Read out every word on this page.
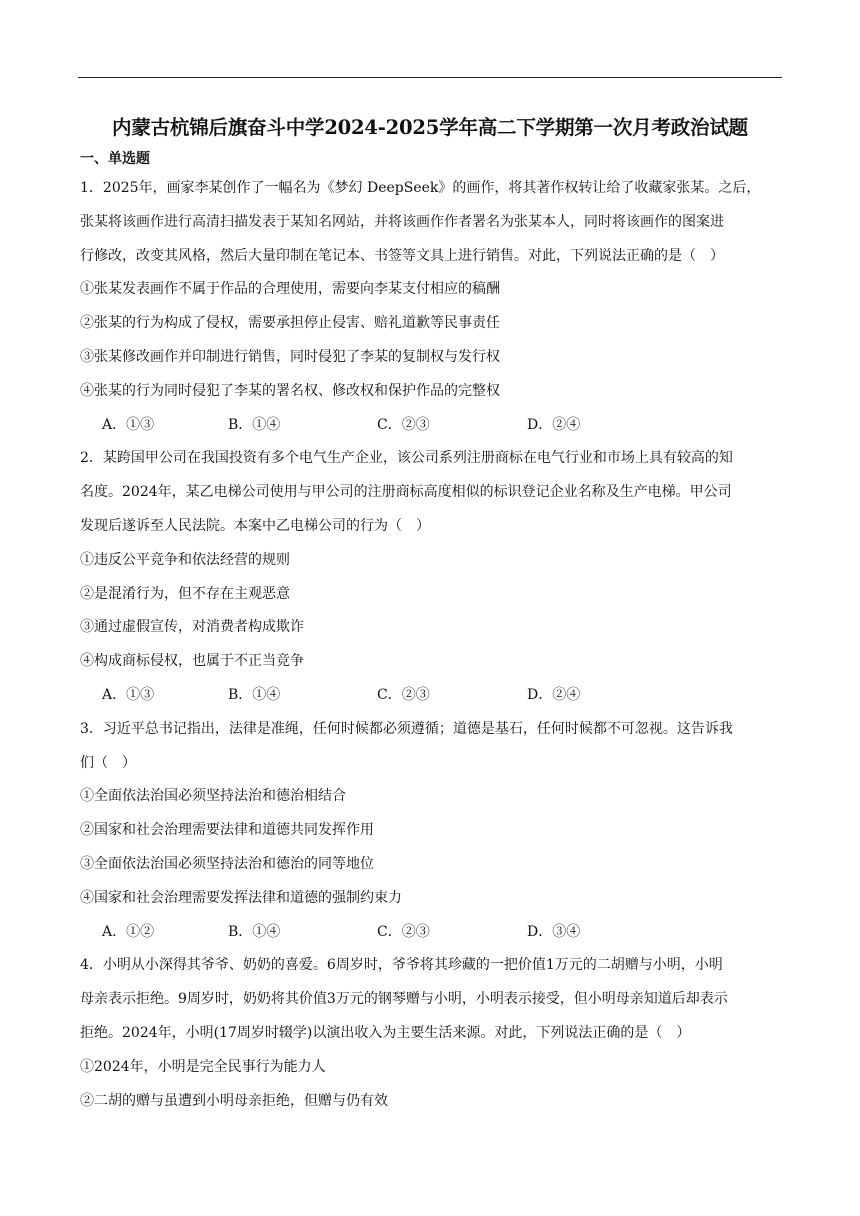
内蒙古杭锦后旗奋斗中学2024-2025学年高二下学期第一次月考政治试题
一、单选题
1．2025年，画家李某创作了一幅名为《梦幻 DeepSeek》的画作，将其著作权转让给了收藏家张某。之后，
张某将该画作进行高清扫描发表于某知名网站，并将该画作作者署名为张某本人，同时将该画作的图案进
行修改，改变其风格，然后大量印制在笔记本、书签等文具上进行销售。对此，下列说法正确的是（　）
①张某发表画作不属于作品的合理使用，需要向李某支付相应的稿酬
②张某的行为构成了侵权，需要承担停止侵害、赔礼道歉等民事责任
③张某修改画作并印制进行销售，同时侵犯了李某的复制权与发行权
④张某的行为同时侵犯了李某的署名权、修改权和保护作品的完整权
A．①③	B．①④	C．②③	D．②④
2．某跨国甲公司在我国投资有多个电气生产企业，该公司系列注册商标在电气行业和市场上具有较高的知
名度。2024年，某乙电梯公司使用与甲公司的注册商标高度相似的标识登记企业名称及生产电梯。甲公司
发现后遂诉至人民法院。本案中乙电梯公司的行为（　）
①违反公平竞争和依法经营的规则
②是混淆行为，但不存在主观恶意
③通过虚假宣传，对消费者构成欺诈
④构成商标侵权，也属于不正当竞争
A．①③	B．①④	C．②③	D．②④
3．习近平总书记指出，法律是准绳，任何时候都必须遵循；道德是基石，任何时候都不可忽视。这告诉我
们（　）
①全面依法治国必须坚持法治和德治相结合
②国家和社会治理需要法律和道德共同发挥作用
③全面依法治国必须坚持法治和德治的同等地位
④国家和社会治理需要发挥法律和道德的强制约束力
A．①②	B．①④	C．②③	D．③④
4．小明从小深得其爷爷、奶奶的喜爱。6周岁时，爷爷将其珍藏的一把价值1万元的二胡赠与小明，小明
母亲表示拒绝。9周岁时，奶奶将其价值3万元的钢琴赠与小明，小明表示接受，但小明母亲知道后却表示
拒绝。2024年，小明(17周岁时辍学)以演出收入为主要生活来源。对此，下列说法正确的是（　）
①2024年，小明是完全民事行为能力人
②二胡的赠与虽遭到小明母亲拒绝，但赠与仍有效
